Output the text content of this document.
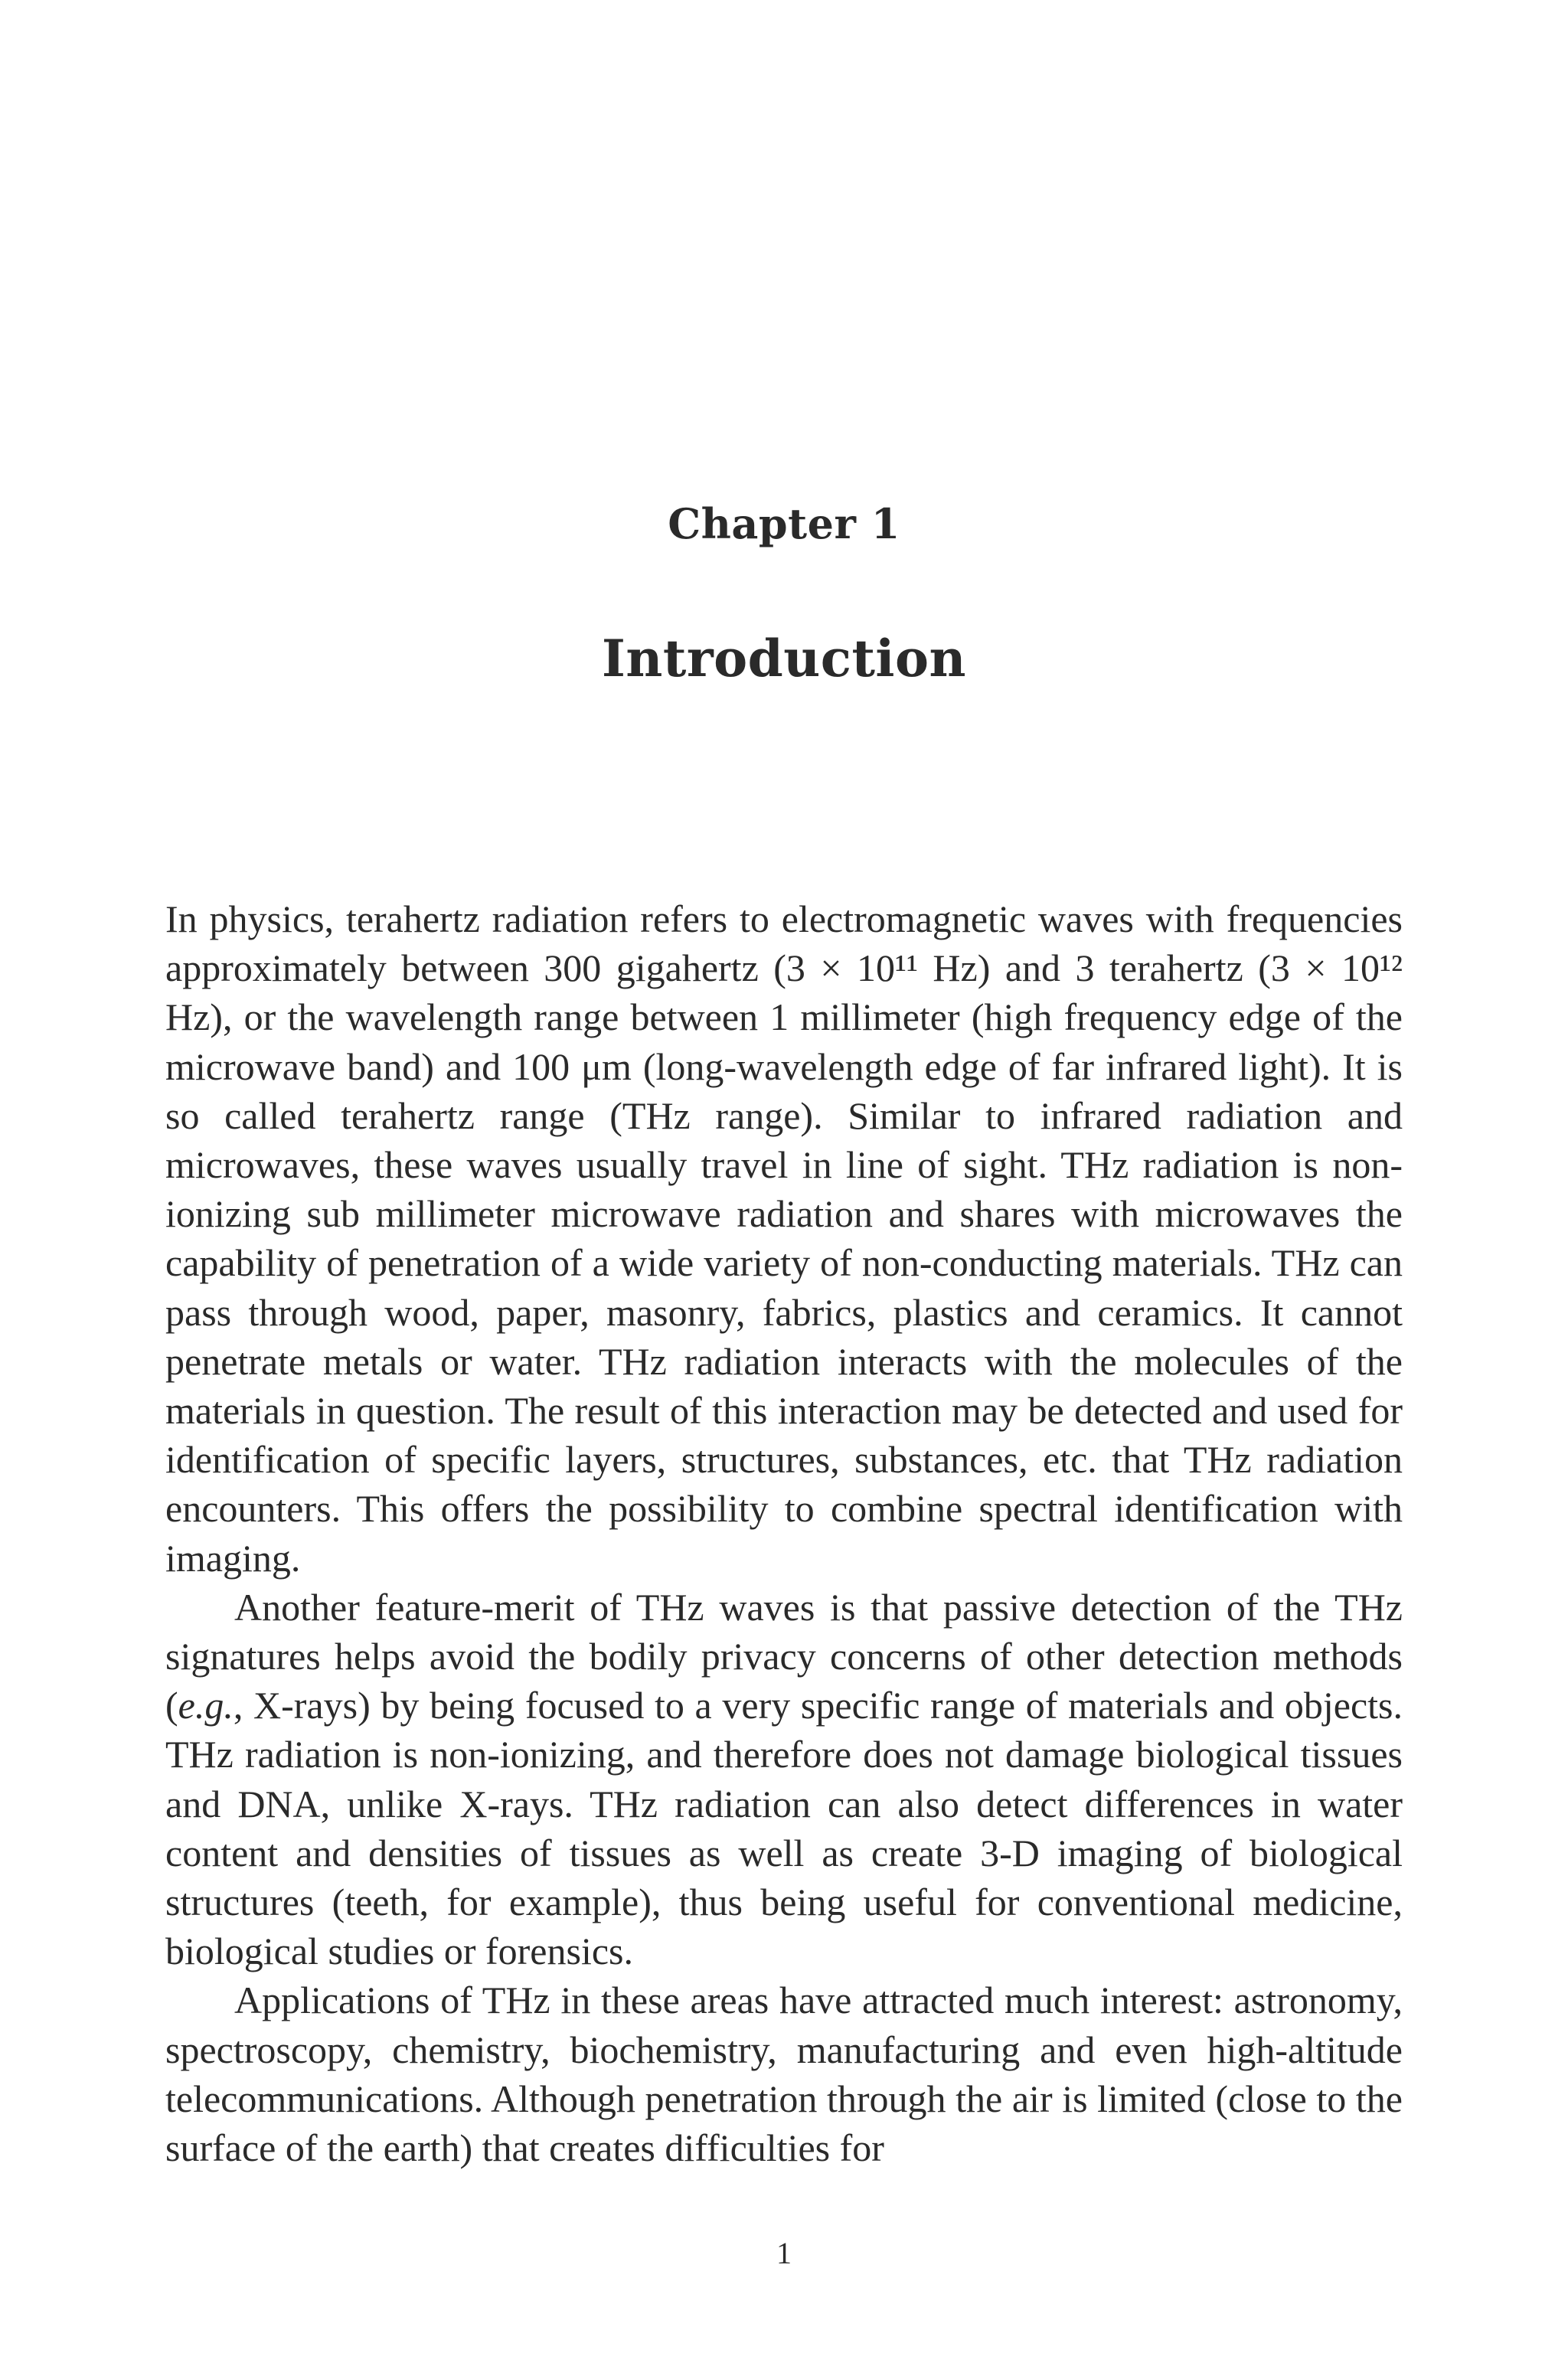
Chapter 1
Introduction

In physics, terahertz radiation refers to electromagnetic waves with frequencies approximately between 300 gigahertz (3 × 10¹¹ Hz) and 3 terahertz (3 × 10¹² Hz), or the wavelength range between 1 millimeter (high frequency edge of the microwave band) and 100 μm (long-wavelength edge of far infrared light). It is so called terahertz range (THz range). Similar to infrared radiation and microwaves, these waves usually travel in line of sight. THz radiation is non-ionizing sub millimeter microwave radiation and shares with microwaves the capability of penetration of a wide variety of non-conducting materials. THz can pass through wood, paper, masonry, fabrics, plastics and ceramics. It cannot penetrate metals or water. THz radiation interacts with the molecules of the materials in question. The result of this interaction may be detected and used for identification of specific layers, structures, substances, etc. that THz radiation encounters. This offers the possibility to combine spectral identification with imaging.

Another feature-merit of THz waves is that passive detection of the THz signatures helps avoid the bodily privacy concerns of other detection methods (e.g., X-rays) by being focused to a very specific range of materials and objects. THz radiation is non-ionizing, and therefore does not damage biological tissues and DNA, unlike X-rays. THz radiation can also detect differences in water content and densities of tissues as well as create 3-D imaging of biological structures (teeth, for example), thus being useful for conventional medicine, biological studies or forensics.

Applications of THz in these areas have attracted much interest: astronomy, spectroscopy, chemistry, biochemistry, manufacturing and even high-altitude telecommunications. Although penetration through the air is limited (close to the surface of the earth) that creates difficulties for

1
